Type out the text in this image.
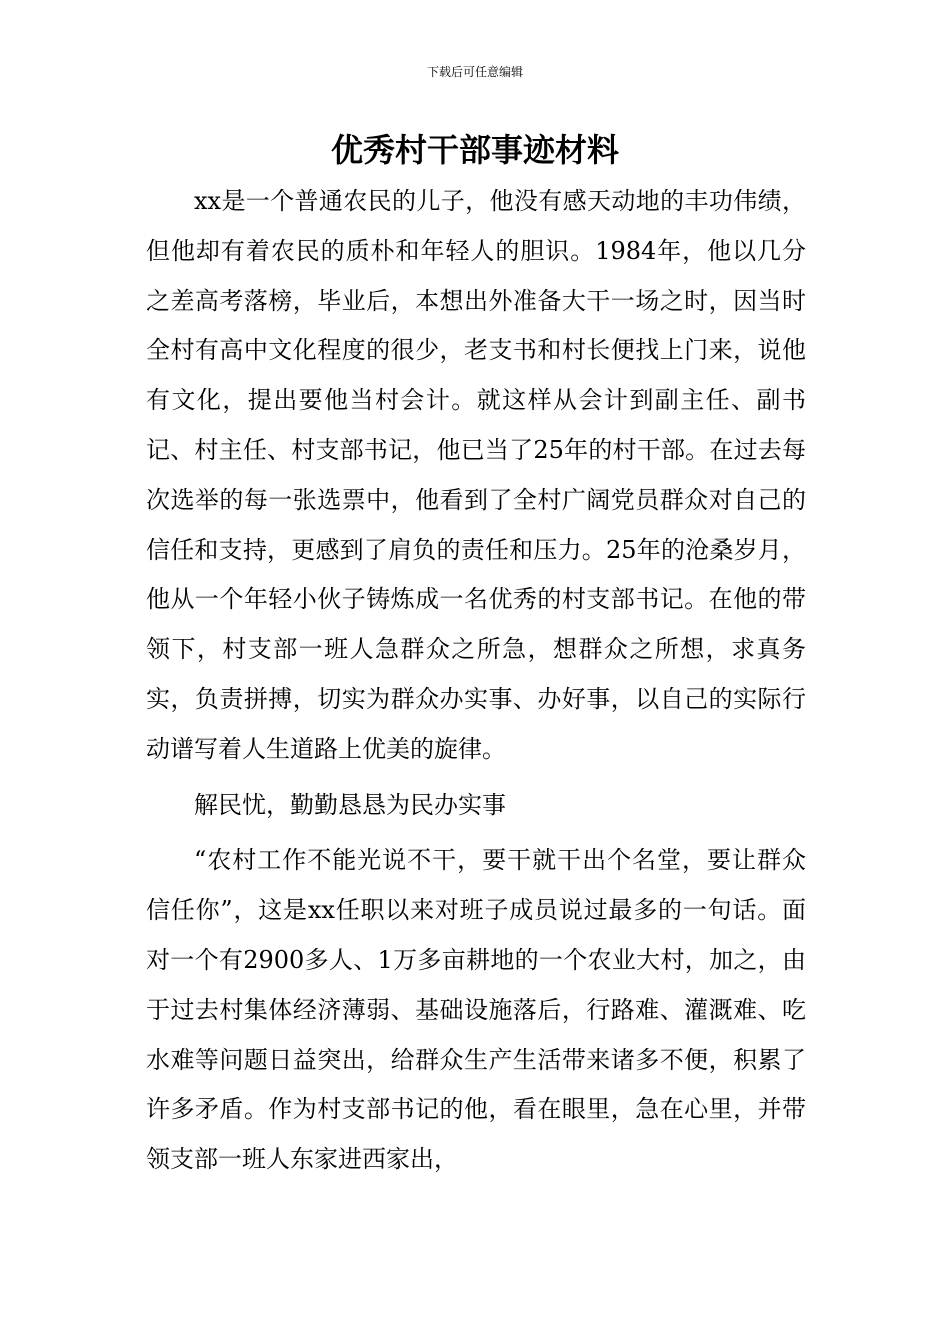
下载后可任意编辑
优秀村干部事迹材料

xx是一个普通农民的儿子，他没有感天动地的丰功伟绩，但他却有着农民的质朴和年轻人的胆识。1984年，他以几分之差高考落榜，毕业后，本想出外准备大干一场之时，因当时全村有高中文化程度的很少，老支书和村长便找上门来，说他有文化，提出要他当村会计。就这样从会计到副主任、副书记、村主任、村支部书记，他已当了25年的村干部。在过去每次选举的每一张选票中，他看到了全村广阔党员群众对自己的信任和支持，更感到了肩负的责任和压力。25年的沧桑岁月，他从一个年轻小伙子铸炼成一名优秀的村支部书记。在他的带领下，村支部一班人急群众之所急，想群众之所想，求真务实，负责拼搏，切实为群众办实事、办好事，以自己的实际行动谱写着人生道路上优美的旋律。

解民忧，勤勤恳恳为民办实事

“农村工作不能光说不干，要干就干出个名堂，要让群众信任你”，这是xx任职以来对班子成员说过最多的一句话。面对一个有2900多人、1万多亩耕地的一个农业大村，加之，由于过去村集体经济薄弱、基础设施落后，行路难、灌溉难、吃水难等问题日益突出，给群众生产生活带来诸多不便，积累了许多矛盾。作为村支部书记的他，看在眼里，急在心里，并带领支部一班人东家进西家出，
